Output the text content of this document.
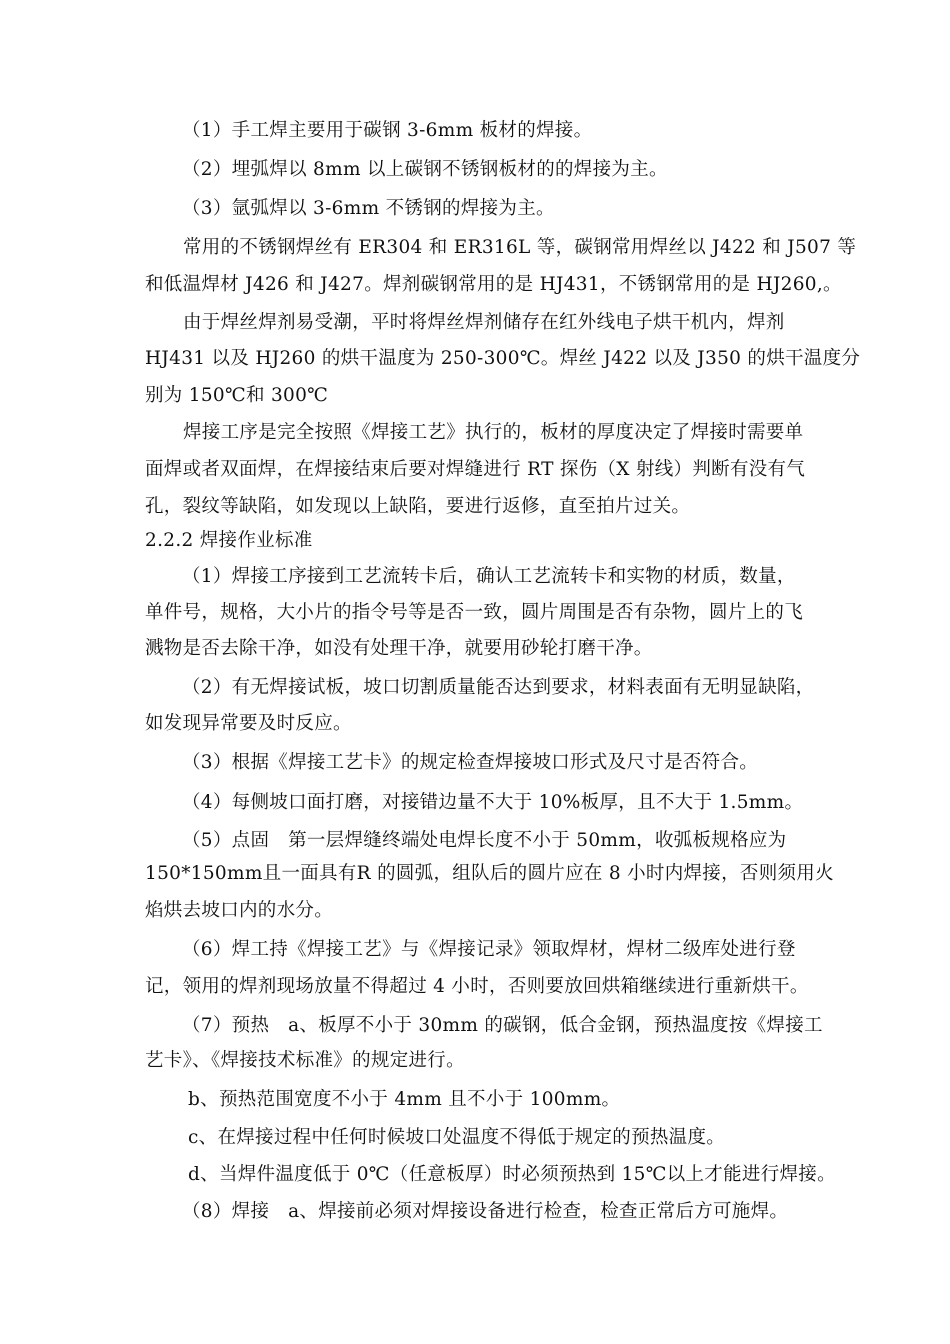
（1）手工焊主要用于碳钢 3-6mm 板材的焊接。
（2）埋弧焊以 8mm 以上碳钢不锈钢板材的的焊接为主。
（3）氩弧焊以 3-6mm 不锈钢的焊接为主。
常用的不锈钢焊丝有 ER304 和 ER316L 等，碳钢常用焊丝以 J422 和 J507 等
和低温焊材 J426 和 J427。焊剂碳钢常用的是 HJ431，不锈钢常用的是 HJ260,。
由于焊丝焊剂易受潮，平时将焊丝焊剂储存在红外线电子烘干机内，焊剂
HJ431 以及 HJ260 的烘干温度为 250-300℃。焊丝 J422 以及 J350 的烘干温度分
别为 150℃和 300℃
焊接工序是完全按照《焊接工艺》执行的，板材的厚度决定了焊接时需要单
面焊或者双面焊，在焊接结束后要对焊缝进行 RT 探伤（X 射线）判断有没有气
孔，裂纹等缺陷，如发现以上缺陷，要进行返修，直至拍片过关。
2.2.2 焊接作业标准
（1）焊接工序接到工艺流转卡后，确认工艺流转卡和实物的材质，数量，
单件号，规格，大小片的指令号等是否一致，圆片周围是否有杂物，圆片上的飞
溅物是否去除干净，如没有处理干净，就要用砂轮打磨干净。
（2）有无焊接试板，坡口切割质量能否达到要求，材料表面有无明显缺陷，
如发现异常要及时反应。
（3）根据《焊接工艺卡》的规定检查焊接坡口形式及尺寸是否符合。
（4）每侧坡口面打磨，对接错边量不大于 10%板厚，且不大于 1.5mm。
（5）点固　第一层焊缝终端处电焊长度不小于 50mm，收弧板规格应为
150*150mm且一面具有R 的圆弧，组队后的圆片应在 8 小时内焊接，否则须用火
焰烘去坡口内的水分。
（6）焊工持《焊接工艺》与《焊接记录》领取焊材，焊材二级库处进行登
记，领用的焊剂现场放量不得超过 4 小时，否则要放回烘箱继续进行重新烘干。
（7）预热　a、板厚不小于 30mm 的碳钢，低合金钢，预热温度按《焊接工
艺卡》、《焊接技术标准》的规定进行。
b、预热范围宽度不小于 4mm 且不小于 100mm。
c、在焊接过程中任何时候坡口处温度不得低于规定的预热温度。
d、当焊件温度低于 0℃（任意板厚）时必须预热到 15℃以上才能进行焊接。
（8）焊接　a、焊接前必须对焊接设备进行检查，检查正常后方可施焊。
